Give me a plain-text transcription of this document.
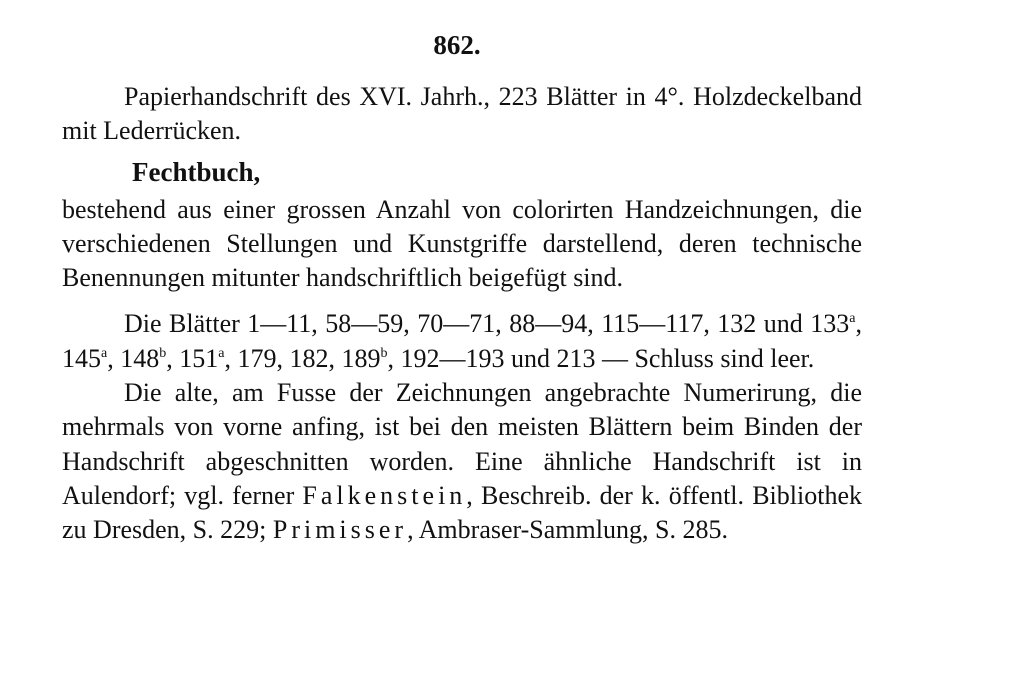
862.

Papierhandschrift des XVI. Jahrh., 223 Blätter in 4°. Holzdeckelband mit Lederrücken.

Fechtbuch,

bestehend aus einer grossen Anzahl von colorirten Handzeichnungen, die verschiedenen Stellungen und Kunstgriffe darstellend, deren technische Benennungen mitunter handschriftlich beigefügt sind.

Die Blätter 1—11, 58—59, 70—71, 88—94, 115—117, 132 und 133$^a$, 145$^a$, 148$^b$, 151$^a$, 179, 182, 189$^b$, 192—193 und 213 — Schluss sind leer.

Die alte, am Fusse der Zeichnungen angebrachte Numerirung, die mehrmals von vorne anfing, ist bei den meisten Blättern beim Binden der Handschrift abgeschnitten worden. Eine ähnliche Handschrift ist in Aulendorf; vgl. ferner Falkenstein, Beschreib. der k. öffentl. Bibliothek zu Dresden, S. 229; Primisser, Ambraser-Sammlung, S. 285.
